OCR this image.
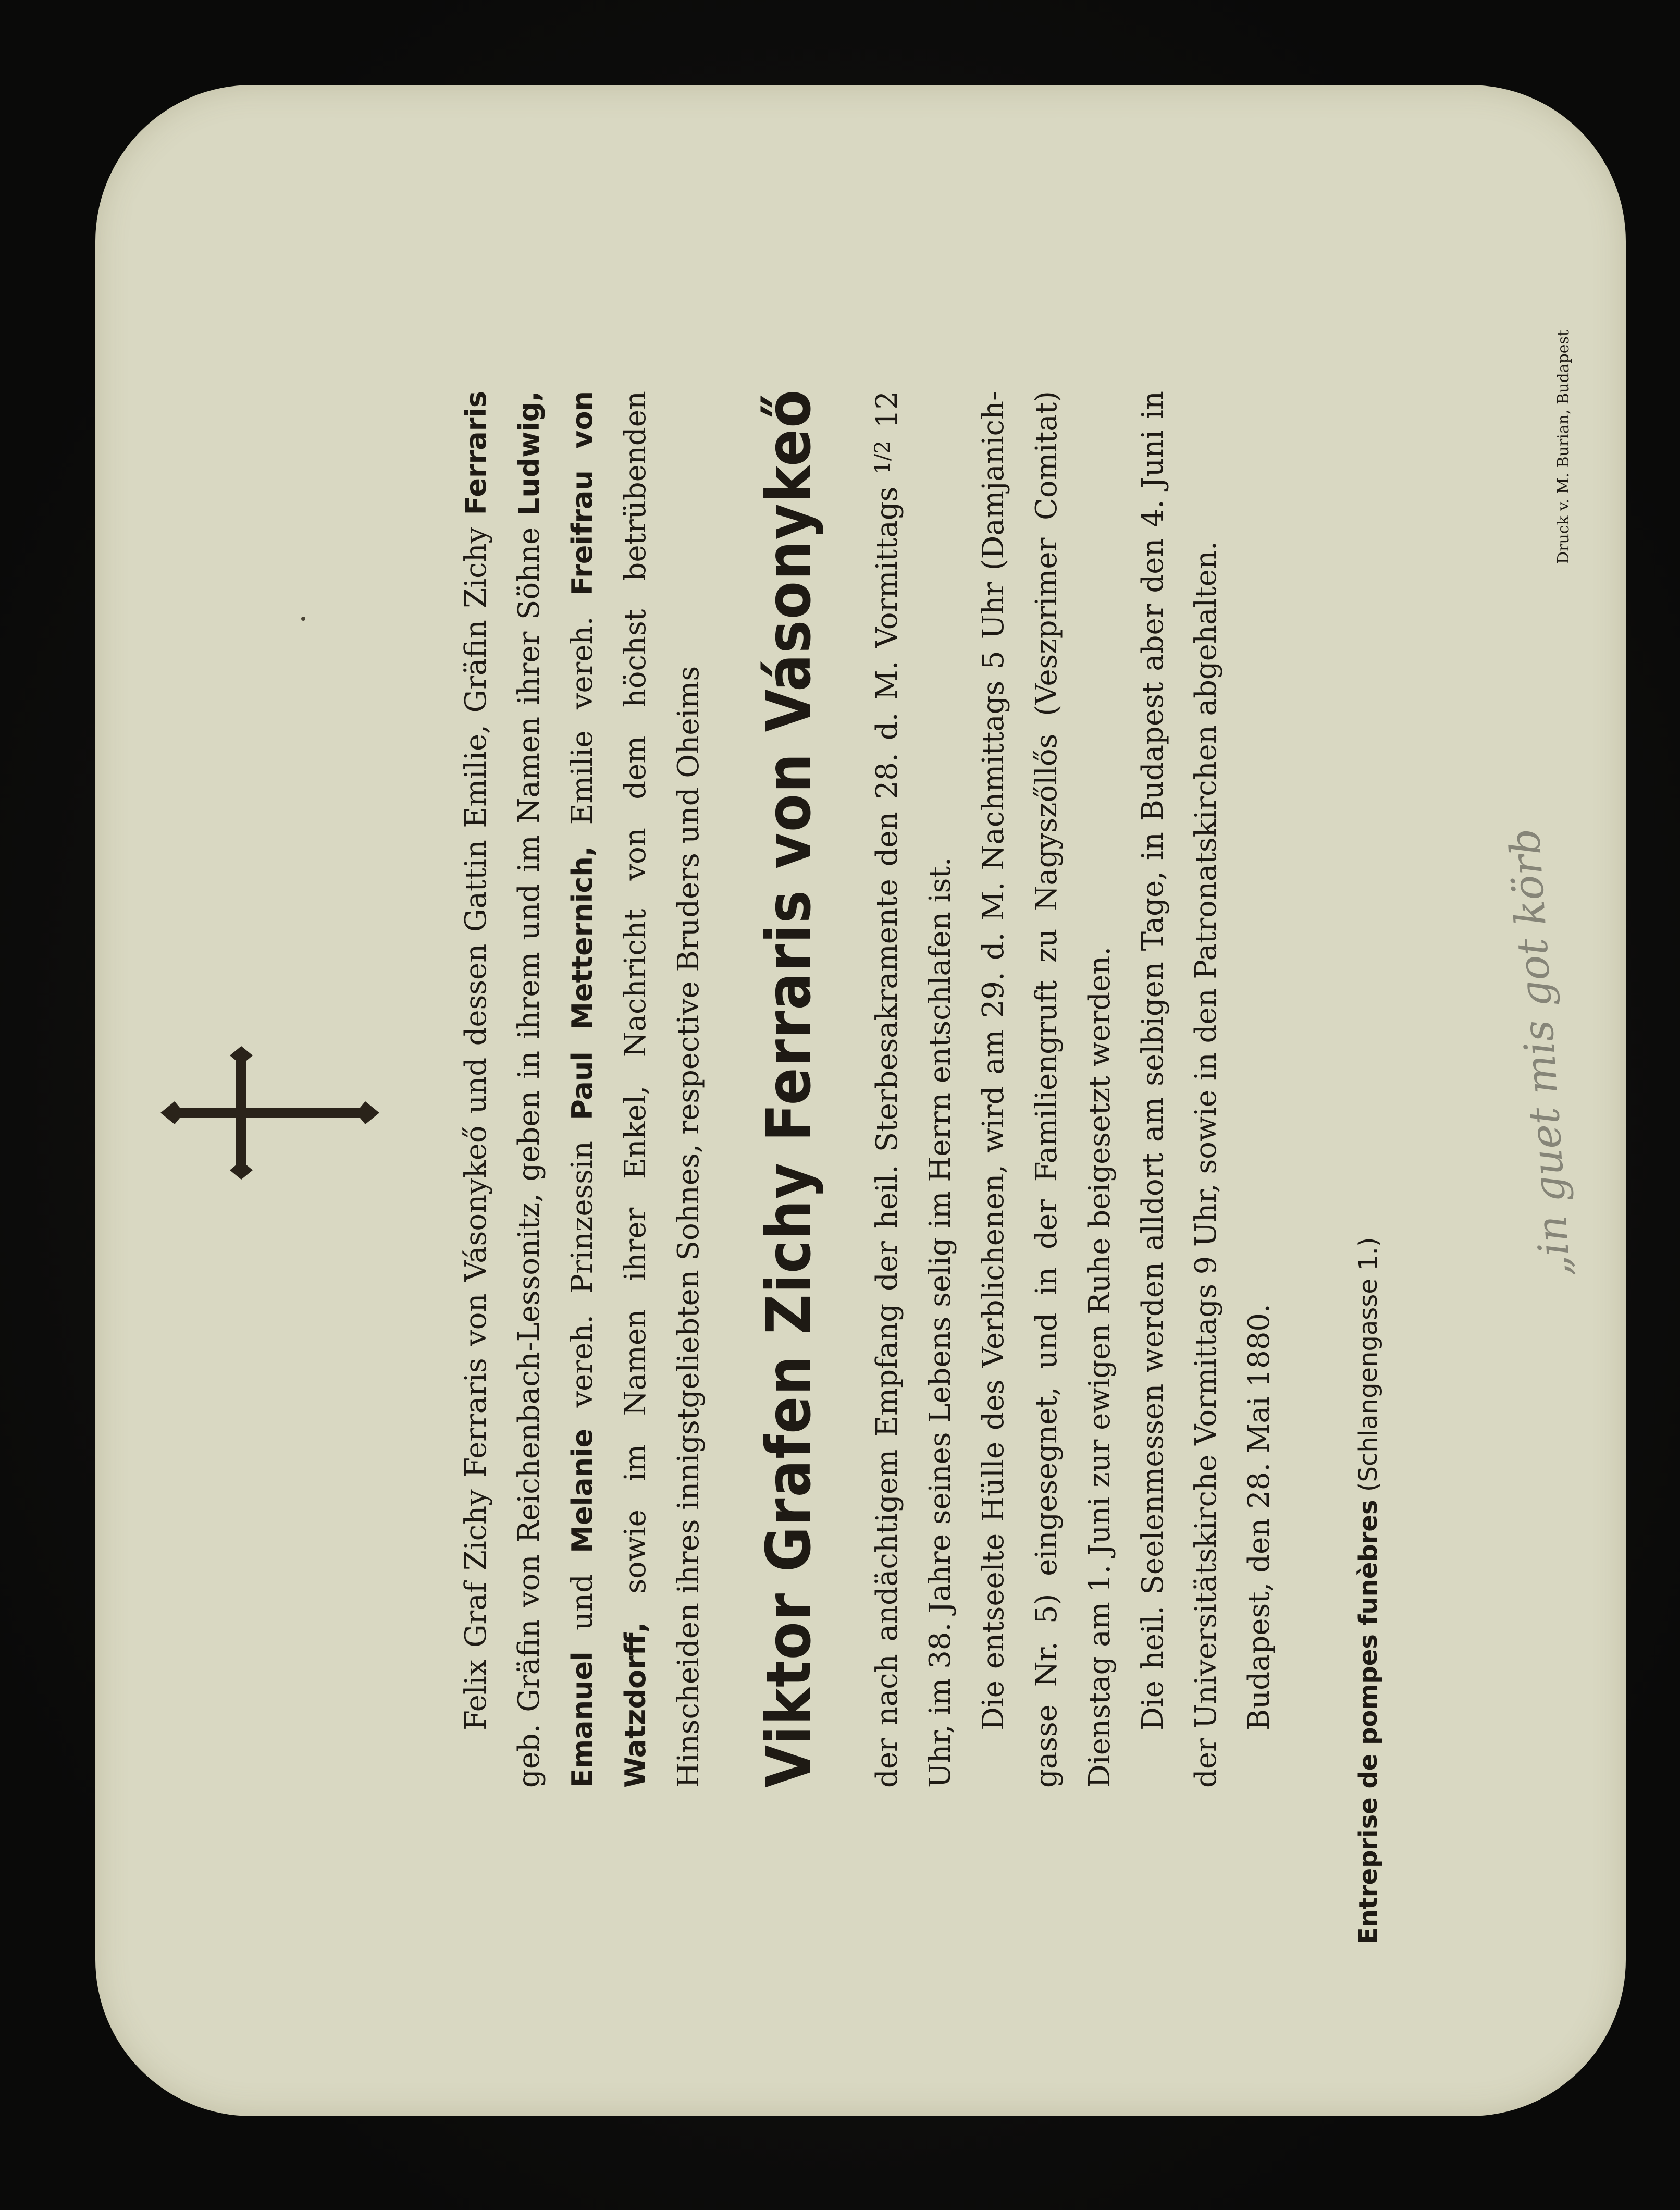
Felix Graf Zichy Ferraris von Vásonykeő und dessen Gattin Emilie, Gräfin Zichy Ferraris geb. Gräfin von Reichenbach-Lessonitz, geben in ihrem und im Namen ihrer Söhne Ludwig, Emanuel und Melanie vereh. Prinzessin Paul Metternich, Emilie vereh. Freifrau von Watzdorff, sowie im Namen ihrer Enkel, Nachricht von dem höchst betrübenden Hinscheiden ihres innigstgeliebten Sohnes, respective Bruders und Oheims Viktor Grafen Zichy Ferraris von Vásonykeő	der nach andächtigem Empfang der heil. Sterbesakramente den 28. d. M. Vormittags $^{1/2}$ 12 Uhr, im 38. Jahre seines Lebens selig im Herrn entschlafen ist. Die entseelte Hülle des Verblichenen, wird am 29. d. M. Nachmittags 5 Uhr (Damjanich-gasse Nr. 5) eingesegnet, und in der Familiengruft zu Nagyszőllős (Veszprimer Comitat) Dienstag am 1. Juni zur ewigen Ruhe beigesetzt werden. Die heil. Seelenmessen werden alldort am selbigen Tage, in Budapest aber den 4. Juni in der Universitätskirche Vormittags 9 Uhr, sowie in den Patronatskirchen abgehalten. Budapest, den 28. Mai 1880.	Entreprise de pompes funèbres (Schlangengasse 1.)
„in guet mis got körb
Druck v. M. Burian, Budapest
